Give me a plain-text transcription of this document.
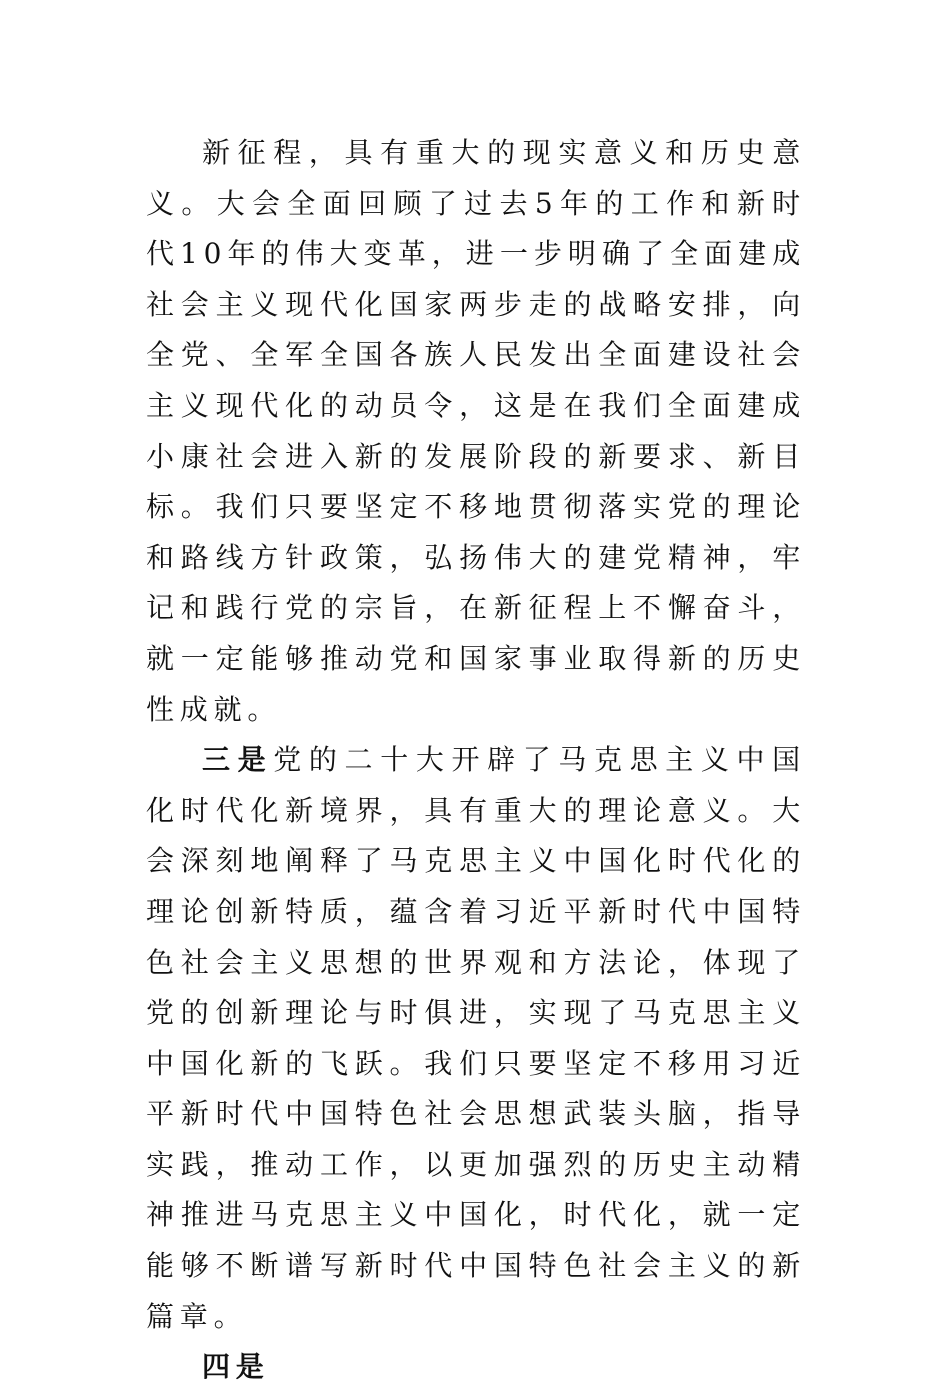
新征程，具有重大的现实意义和历史意义。大会全面回顾了过去5年的工作和新时代10年的伟大变革，进一步明确了全面建成社会主义现代化国家两步走的战略安排，向全党、全军全国各族人民发出全面建设社会主义现代化的动员令，这是在我们全面建成小康社会进入新的发展阶段的新要求、新目标。我们只要坚定不移地贯彻落实党的理论和路线方针政策，弘扬伟大的建党精神，牢记和践行党的宗旨，在新征程上不懈奋斗，就一定能够推动党和国家事业取得新的历史性成就。

三是党的二十大开辟了马克思主义中国化时代化新境界，具有重大的理论意义。大会深刻地阐释了马克思主义中国化时代化的理论创新特质，蕴含着习近平新时代中国特色社会主义思想的世界观和方法论，体现了党的创新理论与时俱进，实现了马克思主义中国化新的飞跃。我们只要坚定不移用习近平新时代中国特色社会思想武装头脑，指导实践，推动工作，以更加强烈的历史主动精神推进马克思主义中国化，时代化，就一定能够不断谱写新时代中国特色社会主义的新篇章。

四是
